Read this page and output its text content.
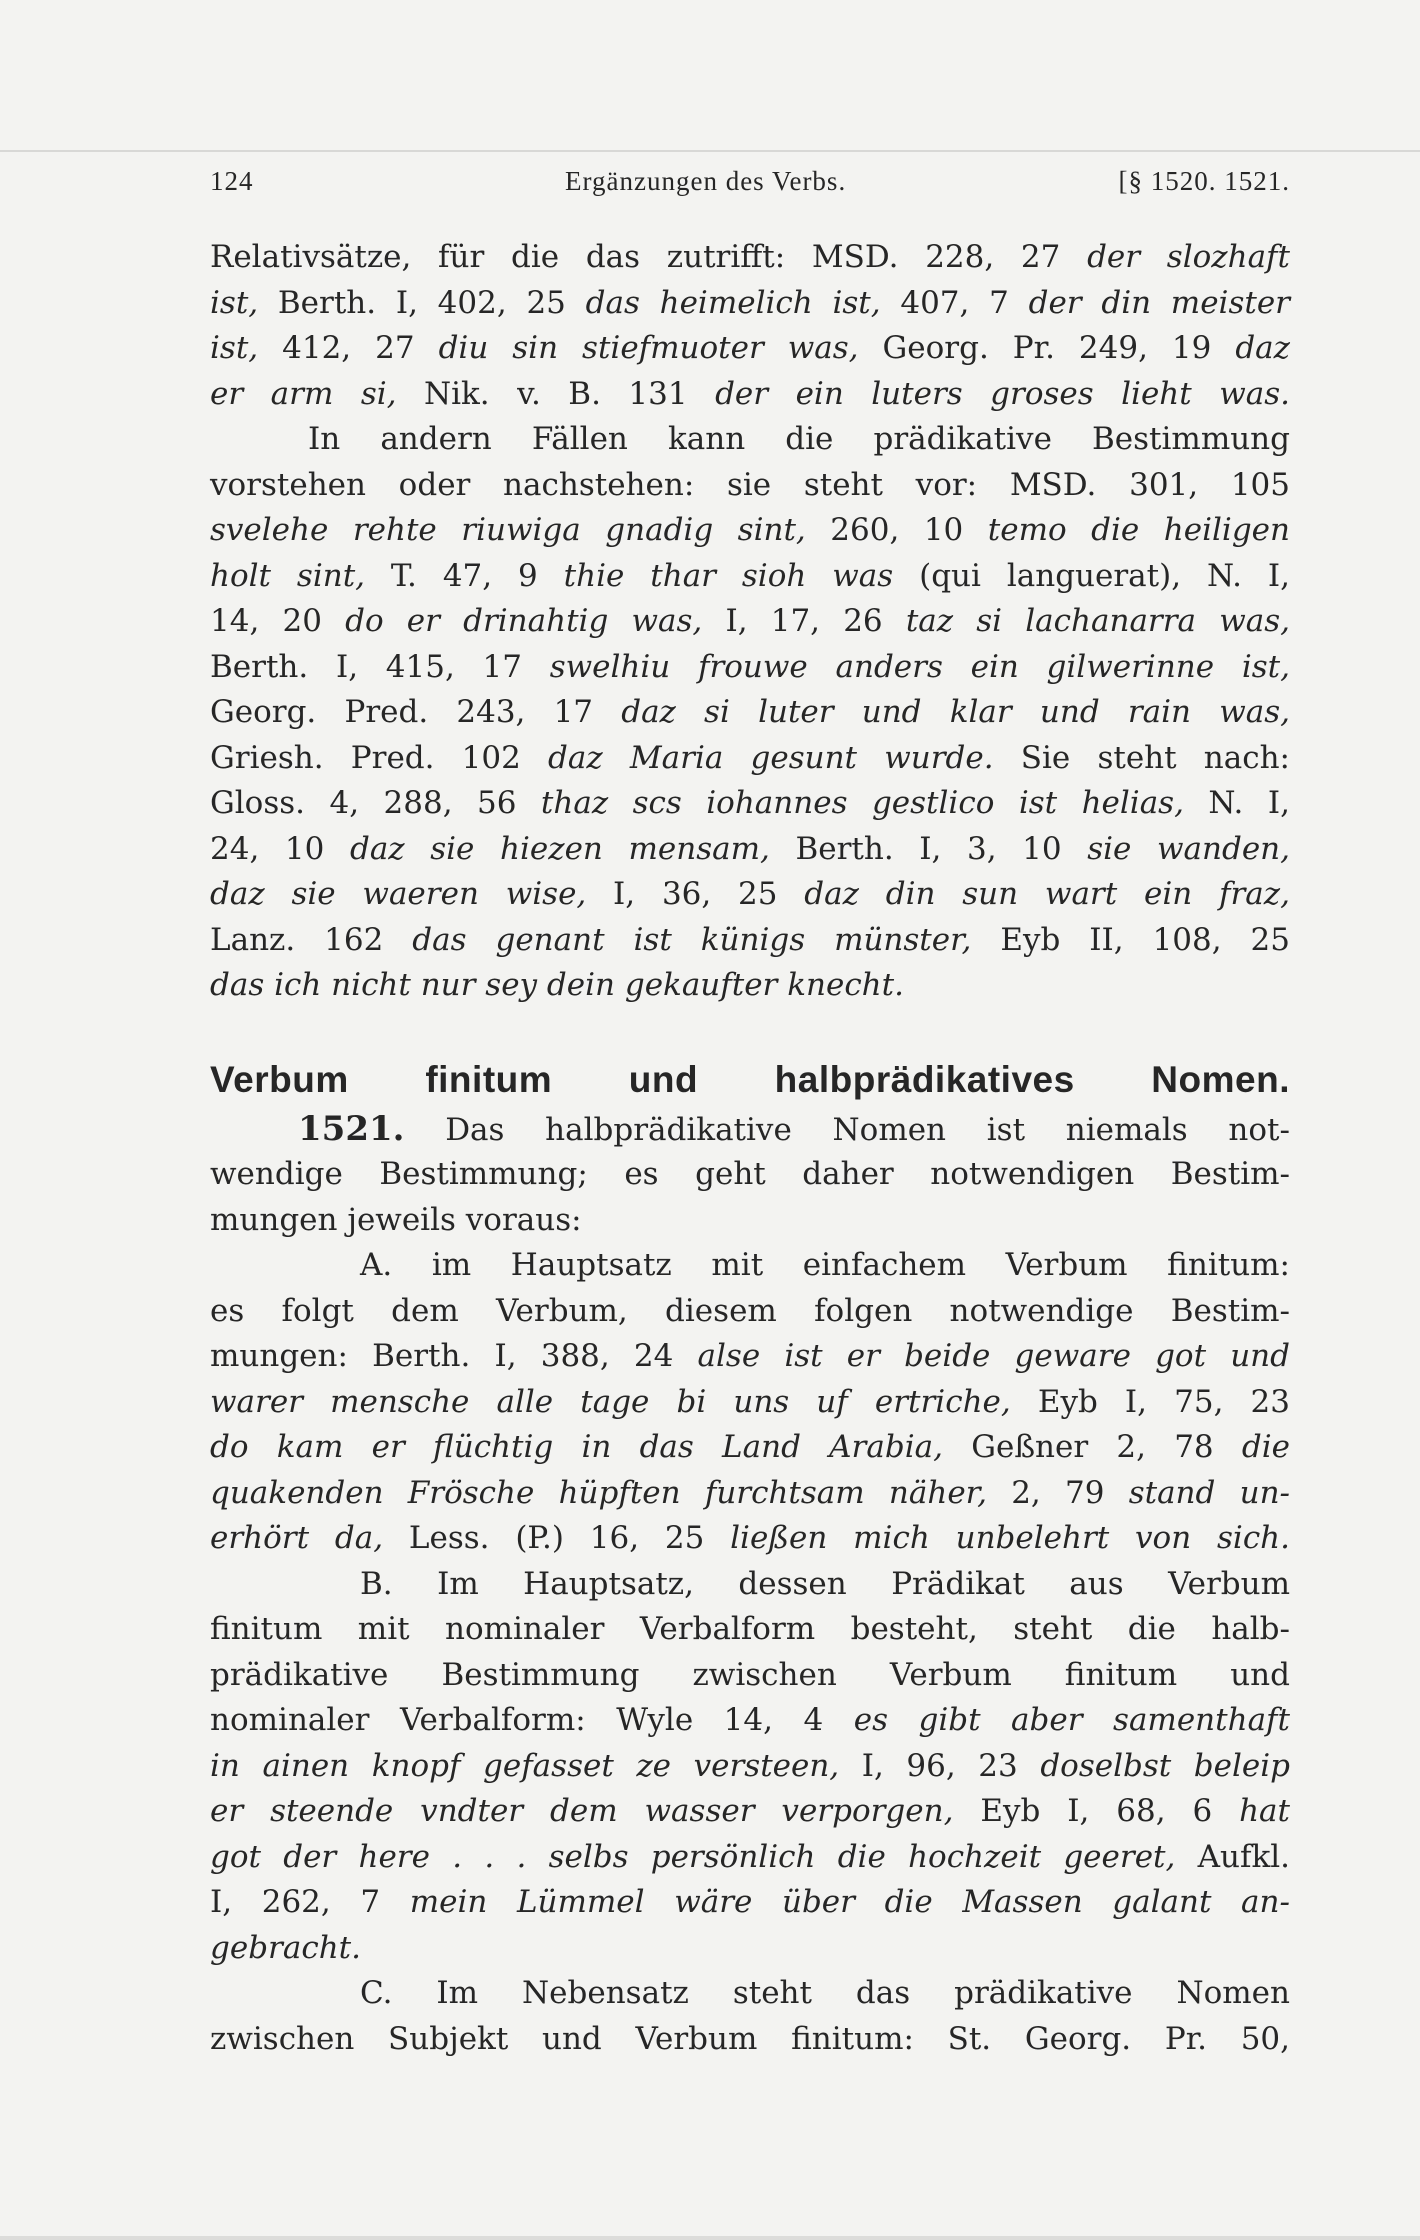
124	Ergänzungen des Verbs.	[§ 1520. 1521.
Relativsätze, für die das zutrifft: MSD. 228, 27 der slozhaft
ist, Berth. I, 402, 25 das heimelich ist, 407, 7 der din meister
ist, 412, 27 diu sin stiefmuoter was, Georg. Pr. 249, 19 daz
er arm si, Nik. v. B. 131 der ein luters groses lieht was.
In andern Fällen kann die prädikative Bestimmung
vorstehen oder nachstehen: sie steht vor: MSD. 301, 105
svelehe rehte riuwiga gnadig sint, 260, 10 temo die heiligen
holt sint, T. 47, 9 thie thar sioh was (qui languerat), N. I,
14, 20 do er drinahtig was, I, 17, 26 taz si lachanarra was,
Berth. I, 415, 17 swelhiu frouwe anders ein gilwerinne ist,
Georg. Pred. 243, 17 daz si luter und klar und rain was,
Griesh. Pred. 102 daz Maria gesunt wurde. Sie steht nach:
Gloss. 4, 288, 56 thaz scs iohannes gestlico ist helias, N. I,
24, 10 daz sie hiezen mensam, Berth. I, 3, 10 sie wanden,
daz sie waeren wise, I, 36, 25 daz din sun wart ein fraz,
Lanz. 162 das genant ist künigs münster, Eyb II, 108, 25
das ich nicht nur sey dein gekaufter knecht.
Verbum finitum und halbprädikatives Nomen.
1521. Das halbprädikative Nomen ist niemals not-
wendige Bestimmung; es geht daher notwendigen Bestim-
mungen jeweils voraus:
A. im Hauptsatz mit einfachem Verbum finitum:
es folgt dem Verbum, diesem folgen notwendige Bestim-
mungen: Berth. I, 388, 24 alse ist er beide geware got und
warer mensche alle tage bi uns uf ertriche, Eyb I, 75, 23
do kam er flüchtig in das Land Arabia, Geßner 2, 78 die
quakenden Frösche hüpften furchtsam näher, 2, 79 stand un-
erhört da, Less. (P.) 16, 25 ließen mich unbelehrt von sich.
B. Im Hauptsatz, dessen Prädikat aus Verbum
finitum mit nominaler Verbalform besteht, steht die halb-
prädikative Bestimmung zwischen Verbum finitum und
nominaler Verbalform: Wyle 14, 4 es gibt aber samenthaft
in ainen knopf gefasset ze versteen, I, 96, 23 doselbst beleip
er steende vndter dem wasser verporgen, Eyb I, 68, 6 hat
got der here . . . selbs persönlich die hochzeit geeret, Aufkl.
I, 262, 7 mein Lümmel wäre über die Massen galant an-
gebracht.
C. Im Nebensatz steht das prädikative Nomen
zwischen Subjekt und Verbum finitum: St. Georg. Pr. 50,
